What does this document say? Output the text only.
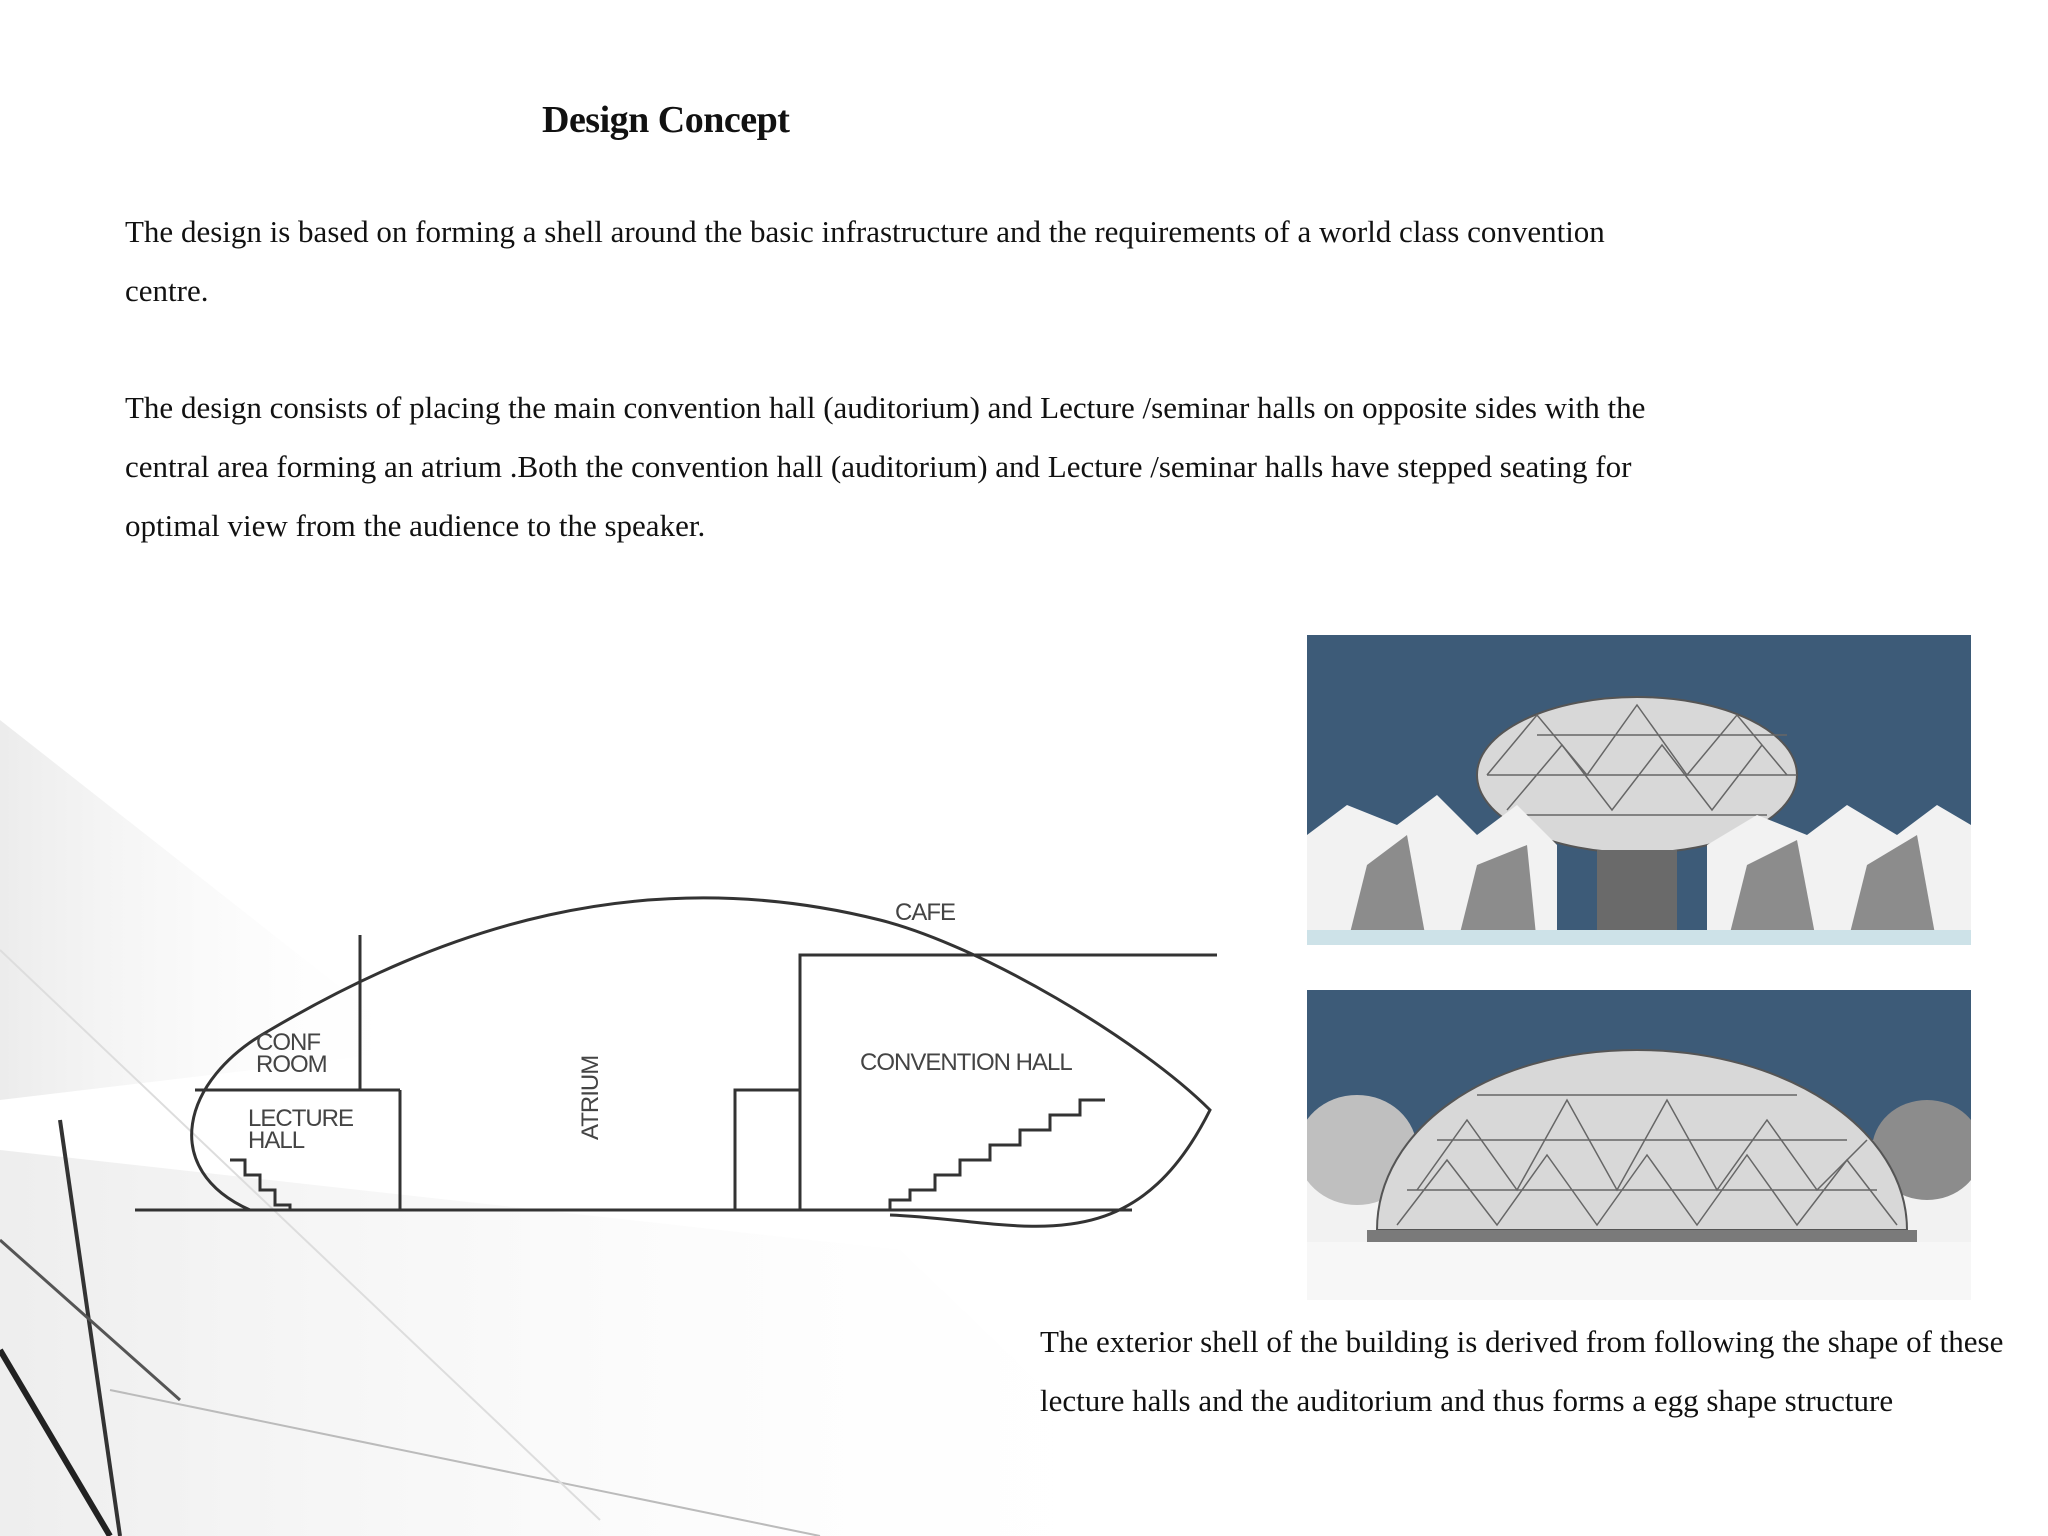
Design Concept

The design is based on forming a shell around the basic infrastructure and the requirements of a world class convention centre.

The design consists of placing the main convention hall (auditorium) and Lecture /seminar halls on opposite sides with the central area forming an atrium .Both the convention hall (auditorium) and Lecture /seminar halls have stepped seating for optimal view from the audience to the speaker.

CAFE
CONF
ROOM
LECTURE
HALL
ATRIUM	CONVENTION HALL

The exterior shell of the building is derived from following the shape of these lecture halls and the auditorium and thus forms a egg shape structure
